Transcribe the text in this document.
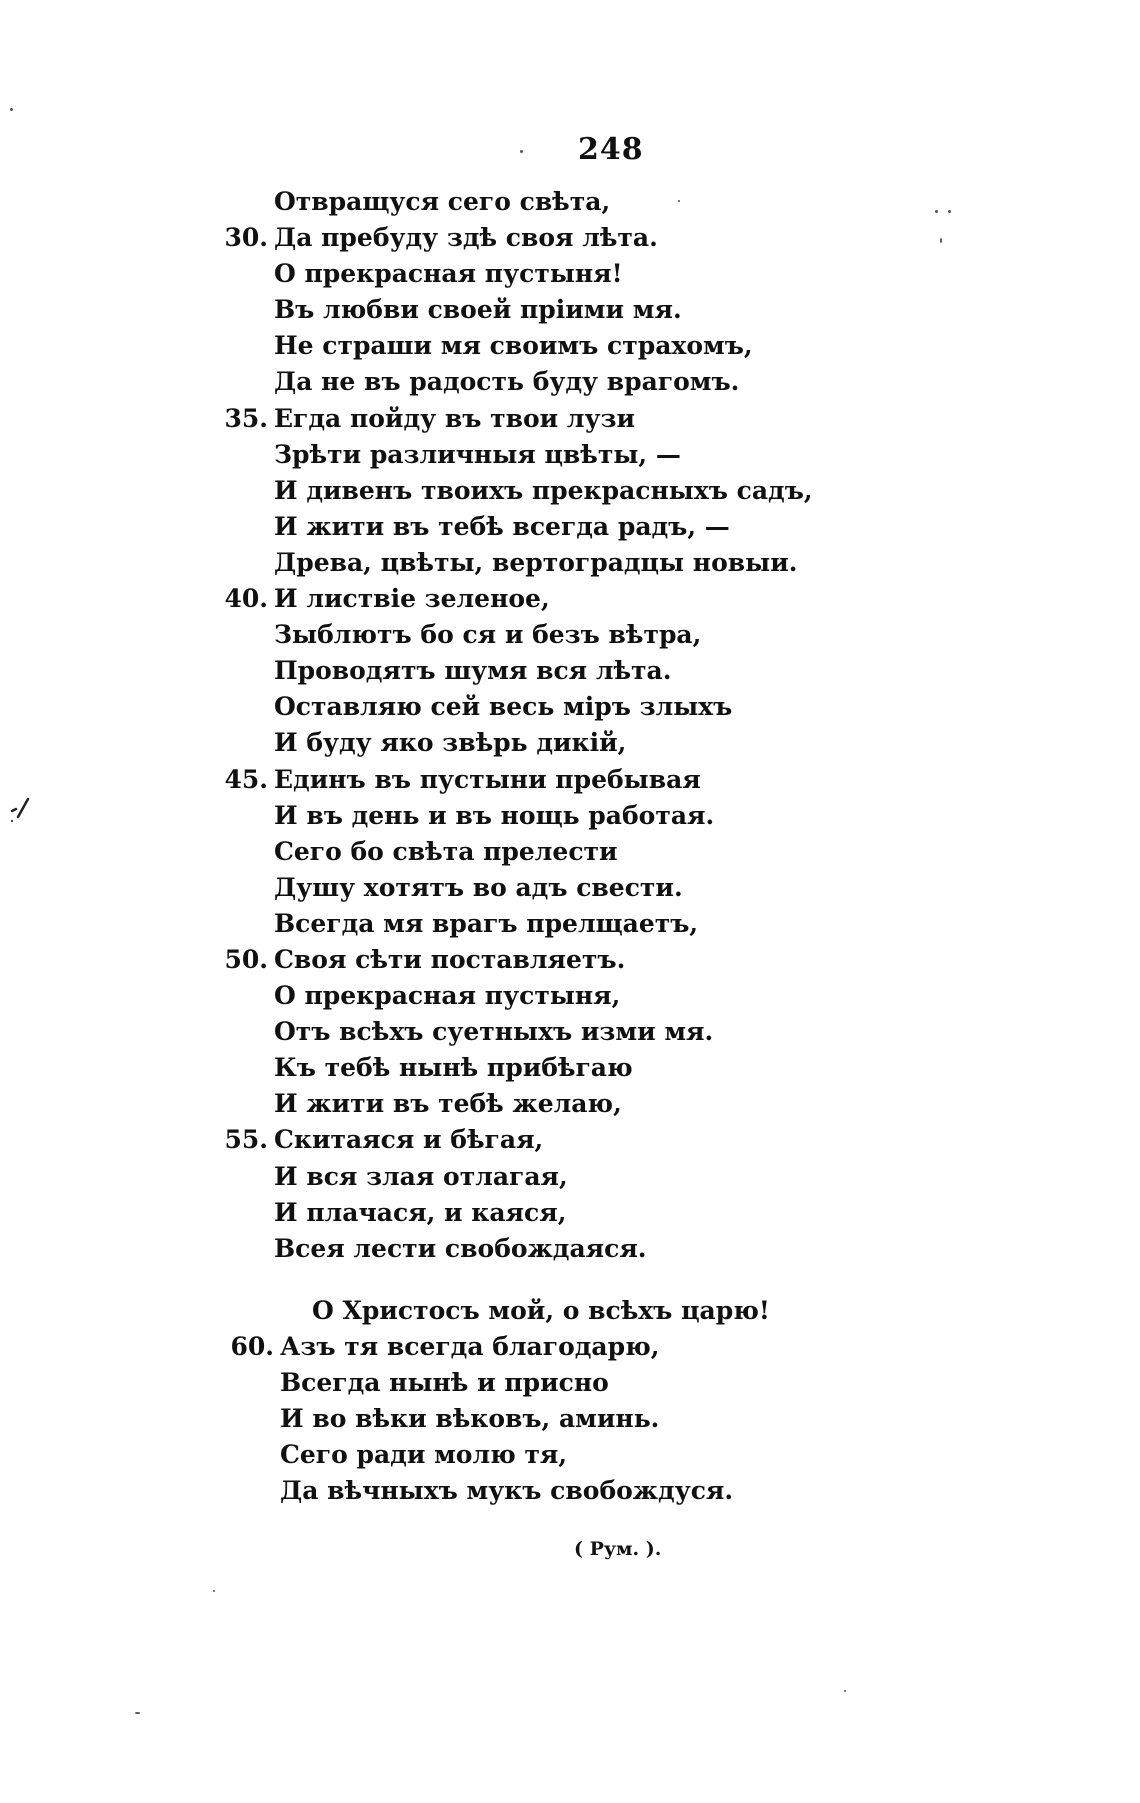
248
Отвращуся сего свѣта,
30. Да пребуду здѣ своя лѣта.
О прекрасная пустыня!
Въ любви своей пріими мя.
Не страши мя своимъ страхомъ,
Да не въ радость буду врагомъ.
35. Егда пойду въ твои лузи
Зрѣти различныя цвѣты, —
И дивенъ твоихъ прекрасныхъ садъ,
И жити въ тебѣ всегда радъ, —
Древа, цвѣты, вертоградцы новыи.
40. И листвіе зеленое,
Зыблютъ бо ся и безъ вѣтра,
Проводятъ шумя вся лѣта.
Оставляю сей весь міръ злыхъ
И буду яко звѣрь дикій,
45. Единъ въ пустыни пребывая
И въ день и въ нощь работая.
Сего бо свѣта прелести
Душу хотятъ во адъ свести.
Всегда мя врагъ прелщаетъ,
50. Своя сѣти поставляетъ.
О прекрасная пустыня,
Отъ всѣхъ суетныхъ изми мя.
Къ тебѣ нынѣ прибѣгаю
И жити въ тебѣ желаю,
55. Скитаяся и бѣгая,
И вся злая отлагая,
И плачася, и каяся,
Всея лести свобождаяся.
О Христосъ мой, о всѣхъ царю!
60. Азъ тя всегда благодарю,
Всегда нынѣ и присно
И во вѣки вѣковъ, аминь.
Сего ради молю тя,
Да вѣчныхъ мукъ свобождуся.
( Рум. ).
